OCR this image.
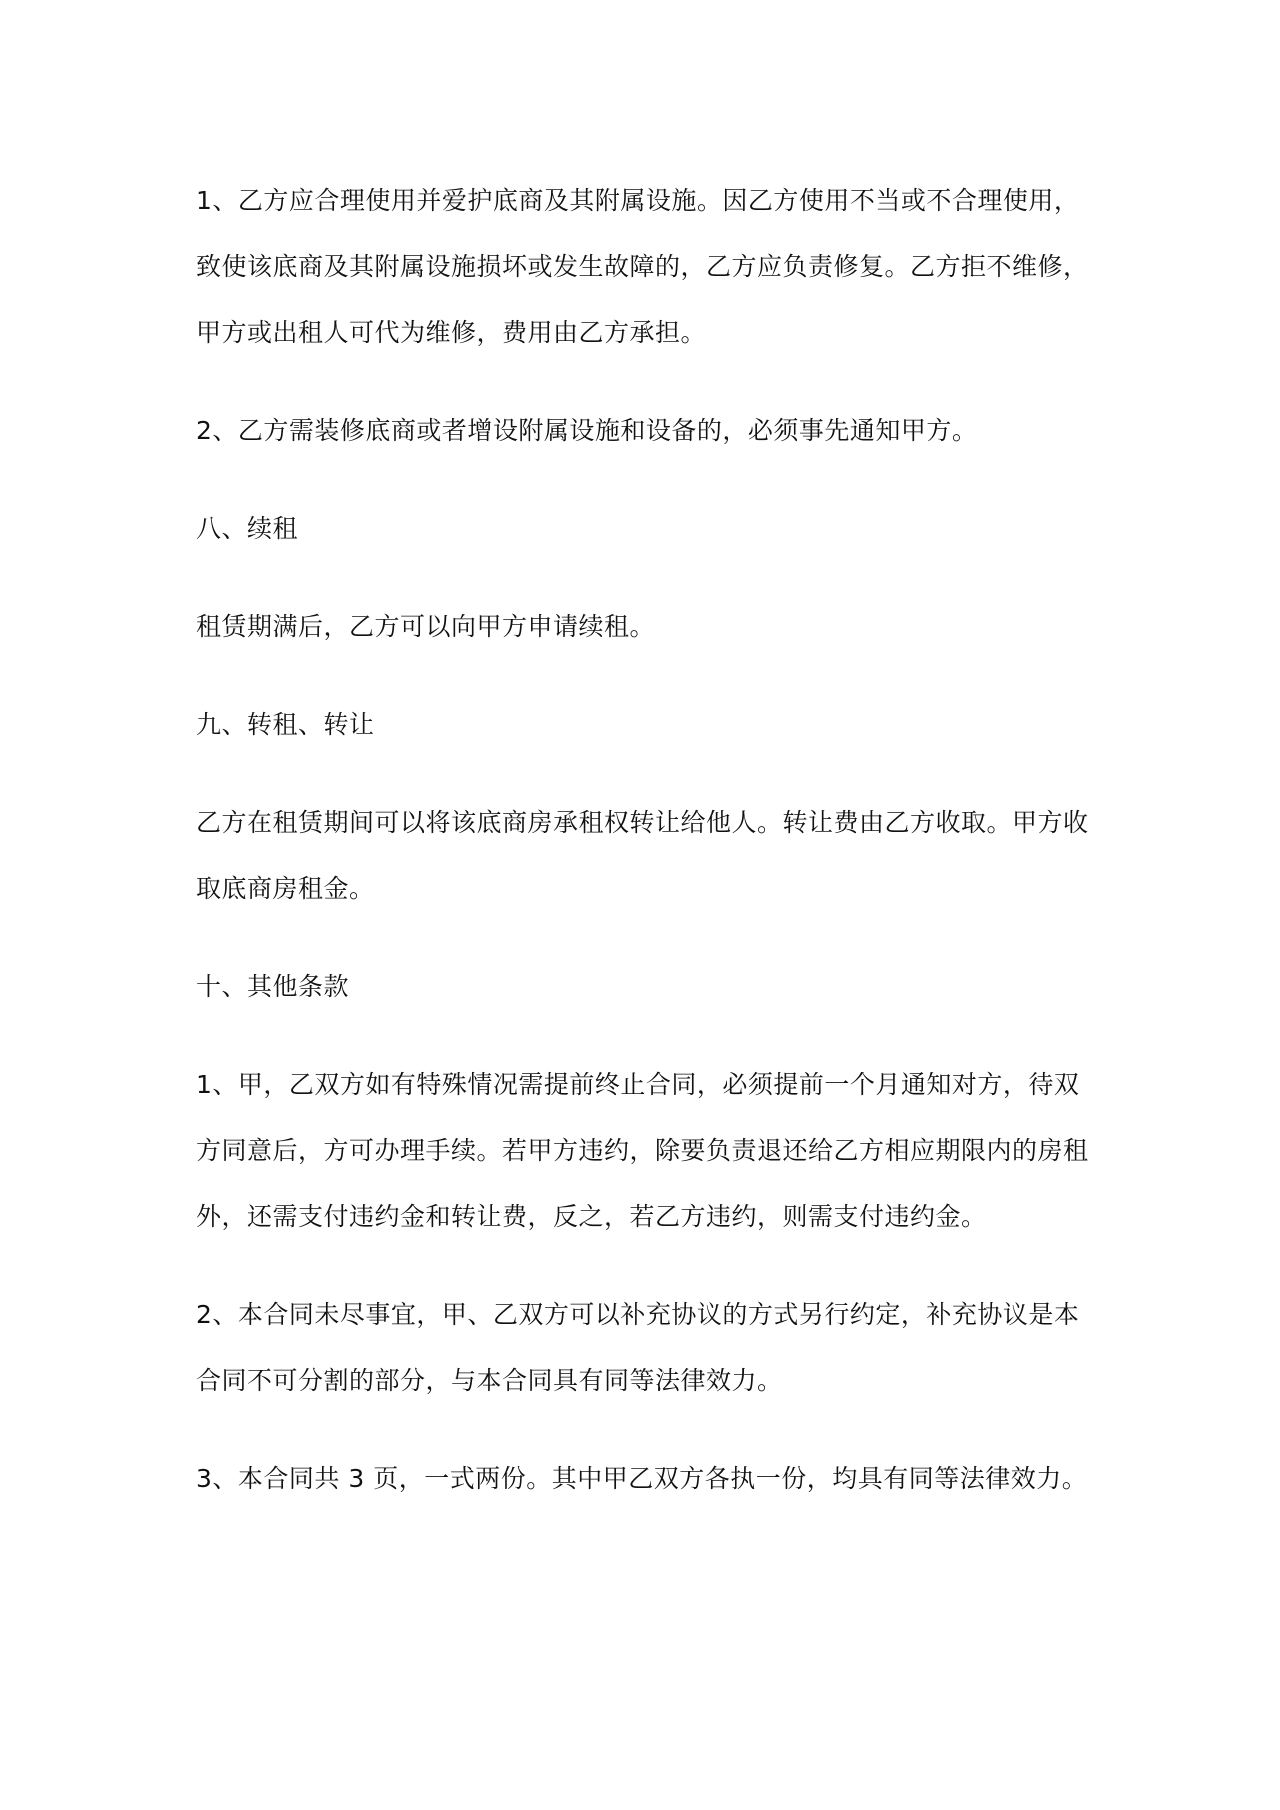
1、乙方应合理使用并爱护底商及其附属设施。因乙方使用不当或不合理使用，
致使该底商及其附属设施损坏或发生故障的，乙方应负责修复。乙方拒不维修，
甲方或出租人可代为维修，费用由乙方承担。

2、乙方需装修底商或者增设附属设施和设备的，必须事先通知甲方。

八、续租

租赁期满后，乙方可以向甲方申请续租。

九、转租、转让

乙方在租赁期间可以将该底商房承租权转让给他人。转让费由乙方收取。甲方收
取底商房租金。

十、其他条款

1、甲，乙双方如有特殊情况需提前终止合同，必须提前一个月通知对方，待双
方同意后，方可办理手续。若甲方违约，除要负责退还给乙方相应期限内的房租
外，还需支付违约金和转让费，反之，若乙方违约，则需支付违约金。

2、本合同未尽事宜，甲、乙双方可以补充协议的方式另行约定，补充协议是本
合同不可分割的部分，与本合同具有同等法律效力。

3、本合同共 3 页，一式两份。其中甲乙双方各执一份，均具有同等法律效力。
